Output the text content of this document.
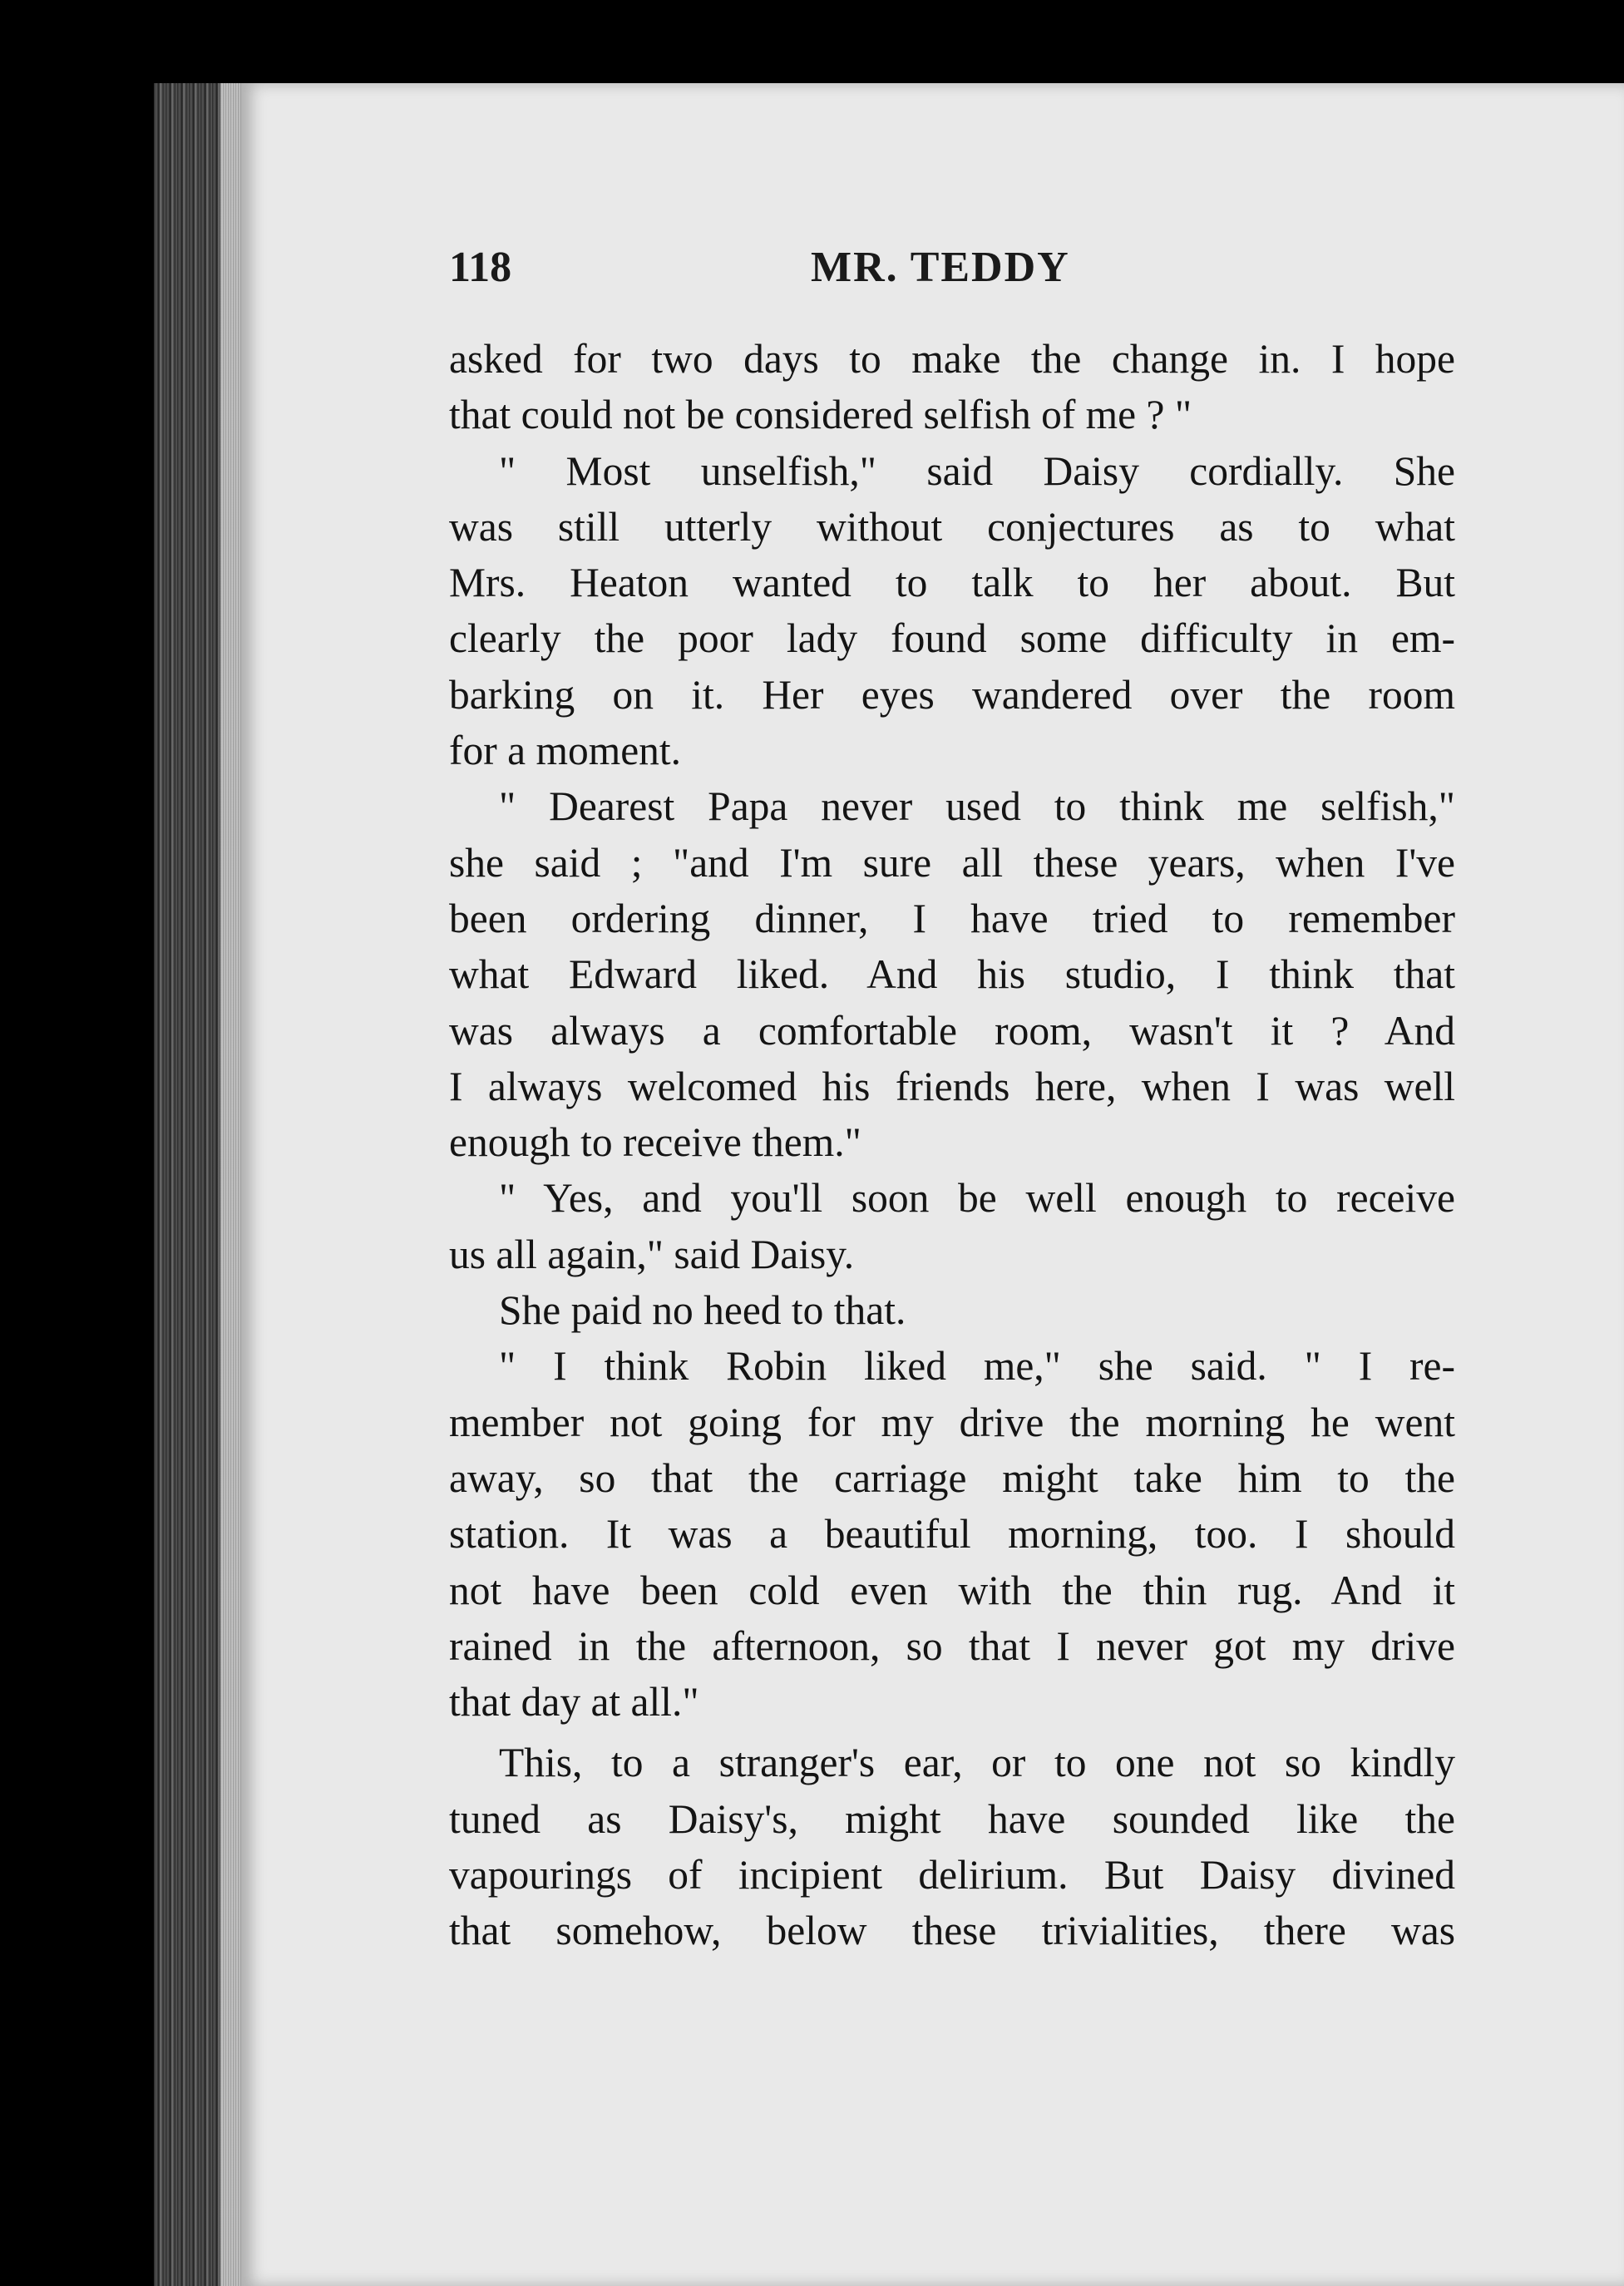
118	MR. TEDDY
asked for two days to make the change in. I hope
that could not be considered selfish of me ? "
" Most unselfish," said Daisy cordially. She
was still utterly without conjectures as to what
Mrs. Heaton wanted to talk to her about. But
clearly the poor lady found some difficulty in em-
barking on it. Her eyes wandered over the room
for a moment.
" Dearest Papa never used to think me selfish,"
she said ; "and I'm sure all these years, when I've
been ordering dinner, I have tried to remember
what Edward liked. And his studio, I think that
was always a comfortable room, wasn't it ? And
I always welcomed his friends here, when I was well
enough to receive them."
" Yes, and you'll soon be well enough to receive
us all again," said Daisy.
She paid no heed to that.
" I think Robin liked me," she said. " I re-
member not going for my drive the morning he went
away, so that the carriage might take him to the
station. It was a beautiful morning, too. I should
not have been cold even with the thin rug. And it
rained in the afternoon, so that I never got my drive
that day at all."
This, to a stranger's ear, or to one not so kindly
tuned as Daisy's, might have sounded like the
vapourings of incipient delirium. But Daisy divined
that somehow, below these trivialities, there was
